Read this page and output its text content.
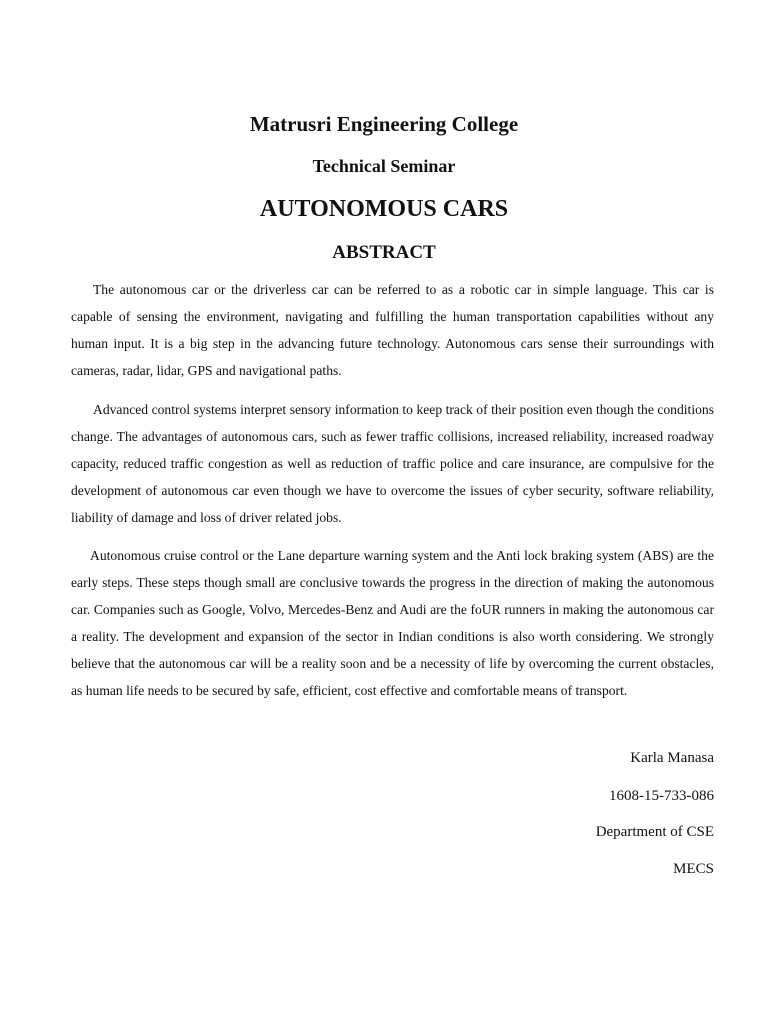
Matrusri Engineering College
Technical Seminar
AUTONOMOUS CARS
ABSTRACT

The autonomous car or the driverless car can be referred to as a robotic car in simple language. This car is capable of sensing the environment, navigating and fulfilling the human transportation capabilities without any human input. It is a big step in the advancing future technology. Autonomous cars sense their surroundings with cameras, radar, lidar, GPS and navigational paths.

Advanced control systems interpret sensory information to keep track of their position even though the conditions change. The advantages of autonomous cars, such as fewer traffic collisions, increased reliability, increased roadway capacity, reduced traffic congestion as well as reduction of traffic police and care insurance, are compulsive for the development of autonomous car even though we have to overcome the issues of cyber security, software reliability, liability of damage and loss of driver related jobs.

Autonomous cruise control or the Lane departure warning system and the Anti lock braking system (ABS) are the early steps. These steps though small are conclusive towards the progress in the direction of making the autonomous car. Companies such as Google, Volvo, Mercedes-Benz and Audi are the foUR runners in making the autonomous car a reality. The development and expansion of the sector in Indian conditions is also worth considering. We strongly believe that the autonomous car will be a reality soon and be a necessity of life by overcoming the current obstacles, as human life needs to be secured by safe, efficient, cost effective and comfortable means of transport.

Karla Manasa
1608-15-733-086
Department of CSE
MECS
